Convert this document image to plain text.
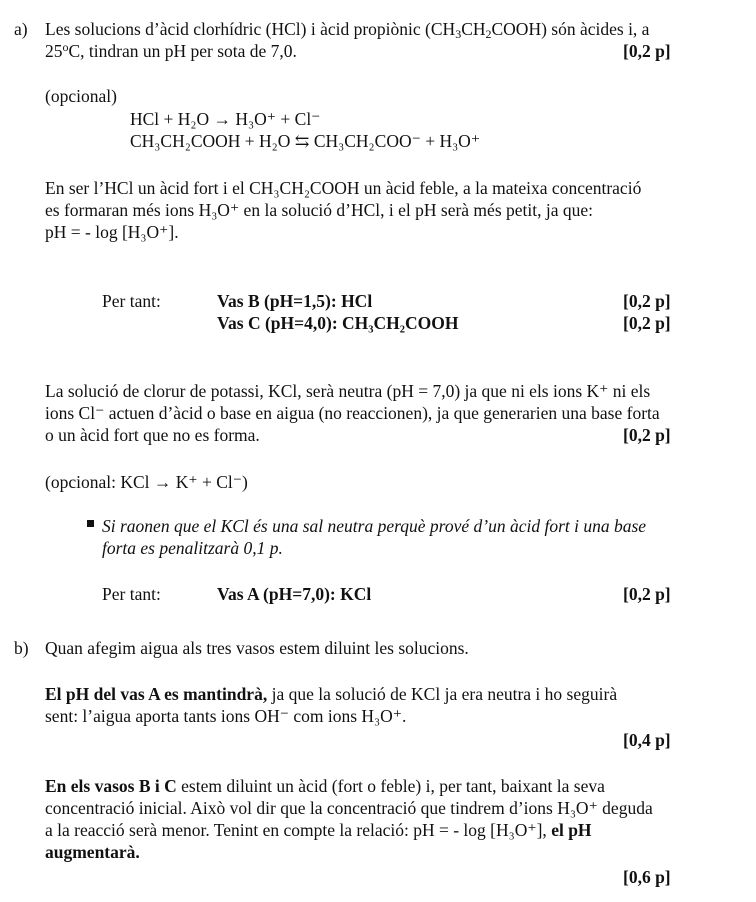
a) Les solucions d’àcid clorhídric (HCl) i àcid propiònic $(CH_3CH_2COOH)$ són àcides i, a
25$^o$C, tindran un pH per sota de 7,0.	[0,2 p]
(opcional)
HCl + H₂O → H₃O⁺ + Cl⁻
CH₃CH₂COOH + H₂O ⇆ CH₃CH₂COO⁻ + H₃O⁺
En ser l’HCl un àcid fort i el CH₃CH₂COOH un àcid feble, a la mateixa concentració
es formaran més ions H₃O⁺ en la solució d’HCl, i el pH serà més petit, ja que:
pH = - log [H₃O⁺].
Per tant:	Vas B (pH=1,5): HCl	[0,2 p]
Vas C (pH=4,0): CH₃CH₂COOH	[0,2 p]
La solució de clorur de potassi, KCl, serà neutra (pH = 7,0) ja que ni els ions K⁺ ni els
ions Cl⁻ actuen d’àcid o base en aigua (no reaccionen), ja que generarien una base forta
o un àcid fort que no es forma.	[0,2 p]
(opcional: KCl → K⁺ + Cl⁻)
Si raonen que el KCl és una sal neutra perquè prové d’un àcid fort i una base
forta es penalitzarà 0,1 p.
Per tant:	Vas A (pH=7,0): KCl	[0,2 p]
b) Quan afegim aigua als tres vasos estem diluint les solucions.
El pH del vas A es mantindrà, ja que la solució de KCl ja era neutra i ho seguirà
sent: l’aigua aporta tants ions OH⁻ com ions H₃O⁺.
[0,4 p]
En els vasos B i C estem diluint un àcid (fort o feble) i, per tant, baixant la seva
concentració inicial. Això vol dir que la concentració que tindrem d’ions H₃O⁺ deguda
a la reacció serà menor. Tenint en compte la relació: pH = - log [H₃O⁺], el pH
augmentarà.
[0,6 p]
